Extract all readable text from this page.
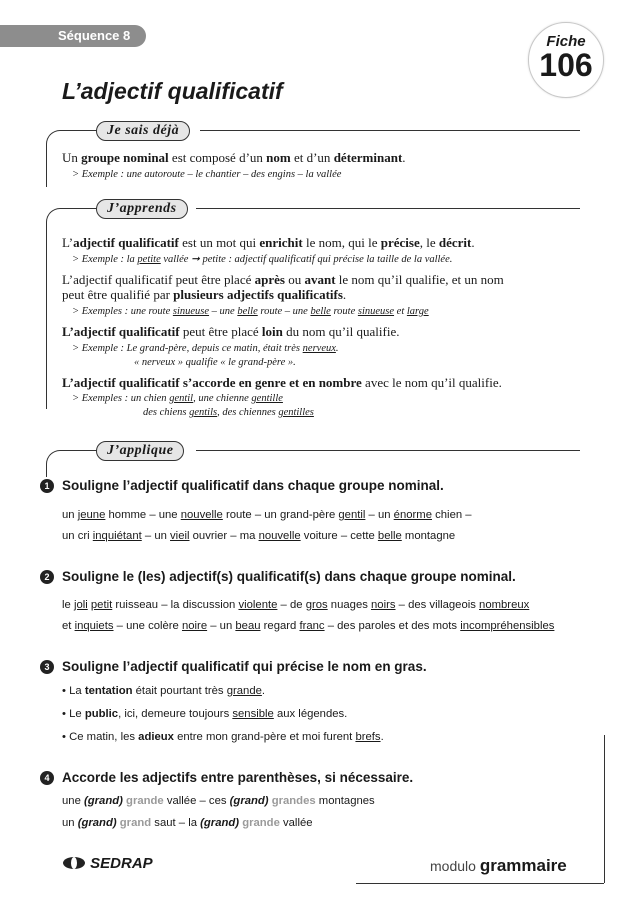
Séquence 8	Fiche
106
L’adjectif qualificatif
Je sais déjà
Un groupe nominal est composé d’un nom et d’un déterminant.
> Exemple : une autoroute – le chantier – des engins – la vallée
J’apprends
L’adjectif qualificatif est un mot qui enrichit le nom, qui le précise, le décrit.
> Exemple : la petite vallée ➞ petite : adjectif qualificatif qui précise la taille de la vallée.
L’adjectif qualificatif peut être placé après ou avant le nom qu’il qualifie, et un nom
peut être qualifié par plusieurs adjectifs qualificatifs.
> Exemples : une route sinueuse – une belle route – une belle route sinueuse et large
L’adjectif qualificatif peut être placé loin du nom qu’il qualifie.
> Exemple : Le grand-père, depuis ce matin, était très nerveux.
« nerveux » qualifie « le grand-père ».
L’adjectif qualificatif s’accorde en genre et en nombre avec le nom qu’il qualifie.
> Exemples : un chien gentil, une chienne gentille
des chiens gentils, des chiennes gentilles
J’applique
1 Souligne l’adjectif qualificatif dans chaque groupe nominal.
un jeune homme – une nouvelle route – un grand-père gentil – un énorme chien –
un cri inquiétant – un vieil ouvrier – ma nouvelle voiture – cette belle montagne
2 Souligne le (les) adjectif(s) qualificatif(s) dans chaque groupe nominal.
le joli petit ruisseau – la discussion violente – de gros nuages noirs – des villageois nombreux
et inquiets – une colère noire – un beau regard franc – des paroles et des mots incompréhensibles
3 Souligne l’adjectif qualificatif qui précise le nom en gras.
• La tentation était pourtant très grande.
• Le public, ici, demeure toujours sensible aux légendes.
• Ce matin, les adieux entre mon grand-père et moi furent brefs.
4 Accorde les adjectifs entre parenthèses, si nécessaire.
une (grand) grande vallée – ces (grand) grandes montagnes
un (grand) grand saut – la (grand) grande vallée
SEDRAP	modulo grammaire
